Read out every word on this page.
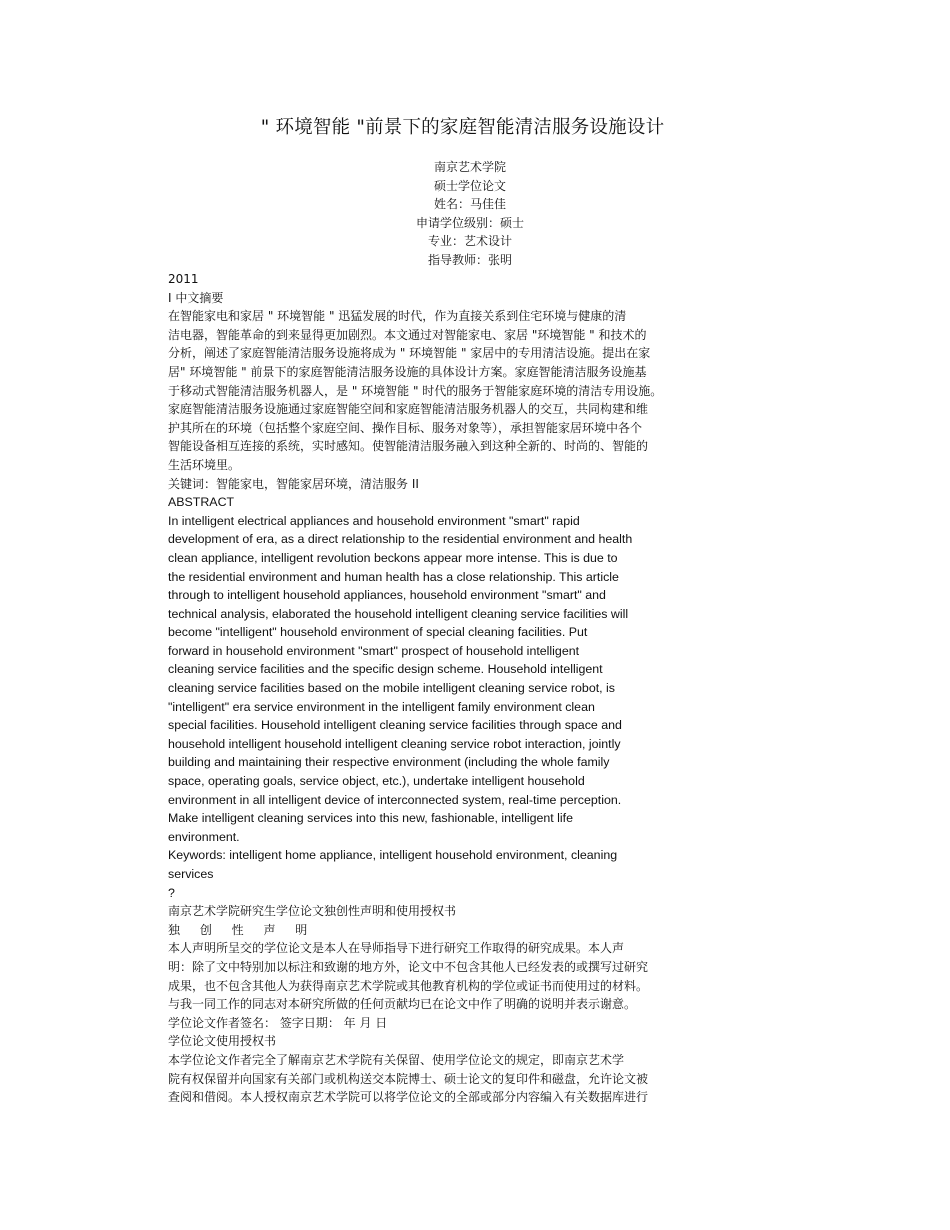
" 环境智能 "前景下的家庭智能清洁服务设施设计
南京艺术学院
硕士学位论文
姓名：马佳佳
申请学位级别：硕士
专业：艺术设计
指导教师：张明
2011
I 中文摘要
在智能家电和家居 " 环境智能 " 迅猛发展的时代，作为直接关系到住宅环境与健康的清
洁电器，智能革命的到来显得更加剧烈。本文通过对智能家电、家居 "环境智能 " 和技术的
分析，阐述了家庭智能清洁服务设施将成为 " 环境智能 " 家居中的专用清洁设施。提出在家
居" 环境智能 " 前景下的家庭智能清洁服务设施的具体设计方案。家庭智能清洁服务设施基
于移动式智能清洁服务机器人，是 " 环境智能 " 时代的服务于智能家庭环境的清洁专用设施。
家庭智能清洁服务设施通过家庭智能空间和家庭智能清洁服务机器人的交互，共同构建和维
护其所在的环境（包括整个家庭空间、操作目标、服务对象等），承担智能家居环境中各个
智能设备相互连接的系统，实时感知。使智能清洁服务融入到这种全新的、时尚的、智能的
生活环境里。
关键词：智能家电，智能家居环境，清洁服务 II
ABSTRACT
In intelligent electrical appliances and household environment "smart" rapid
development of era, as a direct relationship to the residential environment and health
clean appliance, intelligent revolution beckons appear more intense. This is due to
the residential environment and human health has a close relationship. This article
through to intelligent household appliances, household environment "smart" and
technical analysis, elaborated the household intelligent cleaning service facilities will
become "intelligent" household environment of special cleaning facilities. Put
forward in household environment "smart" prospect of household intelligent
cleaning service facilities and the specific design scheme. Household intelligent
cleaning service facilities based on the mobile intelligent cleaning service robot, is
"intelligent" era service environment in the intelligent family environment clean
special facilities. Household intelligent cleaning service facilities through space and
household intelligent household intelligent cleaning service robot interaction, jointly
building and maintaining their respective environment (including the whole family
space, operating goals, service object, etc.), undertake intelligent household
environment in all intelligent device of interconnected system, real-time perception.
Make intelligent cleaning services into this new, fashionable, intelligent life
environment.
Keywords: intelligent home appliance, intelligent household environment, cleaning
services
?
南京艺术学院研究生学位论文独创性声明和使用授权书
独 创 性 声 明
本人声明所呈交的学位论文是本人在导师指导下进行研究工作取得的研究成果。本人声
明：除了文中特别加以标注和致谢的地方外，论文中不包含其他人已经发表的或撰写过研究
成果，也不包含其他人为获得南京艺术学院或其他教育机构的学位或证书而使用过的材料。
与我一同工作的同志对本研究所做的任何贡献均已在论文中作了明确的说明并表示谢意。
学位论文作者签名： 签字日期： 年 月 日
学位论文使用授权书
本学位论文作者完全了解南京艺术学院有关保留、使用学位论文的规定，即南京艺术学
院有权保留并向国家有关部门或机构送交本院博士、硕士论文的复印件和磁盘，允许论文被
查阅和借阅。本人授权南京艺术学院可以将学位论文的全部或部分内容编入有关数据库进行
